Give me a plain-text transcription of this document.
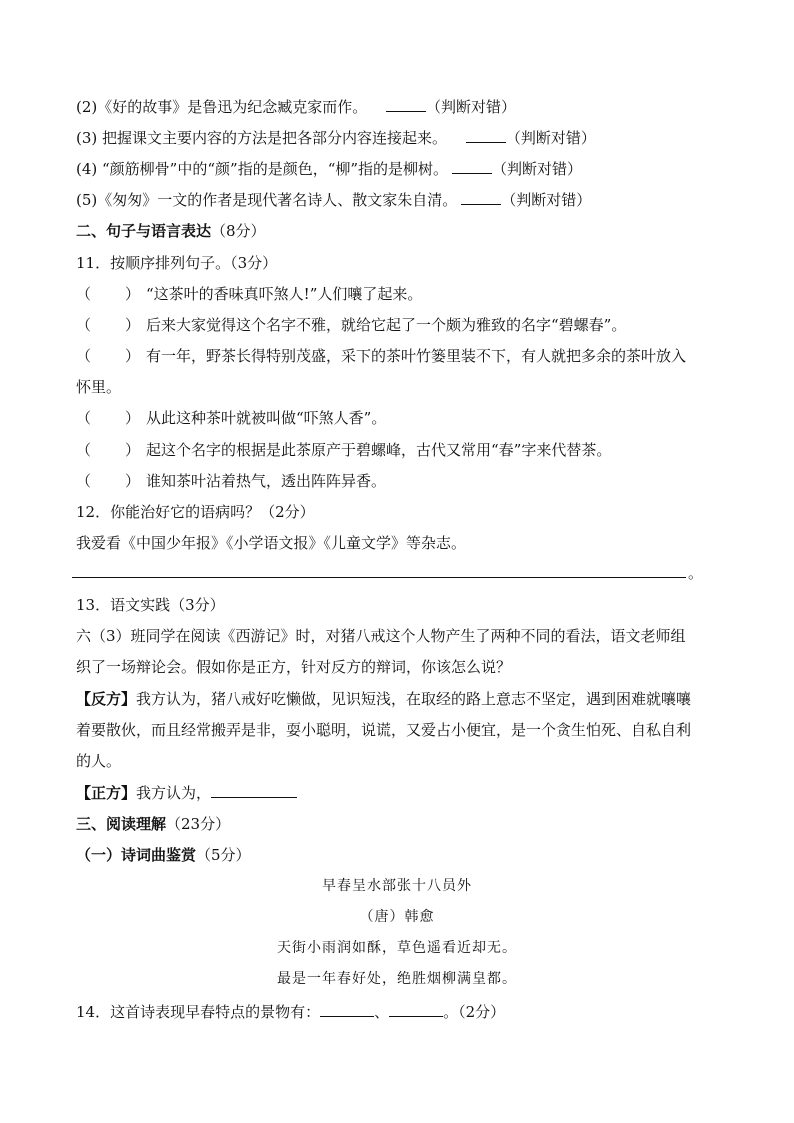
(2)《好的故事》是鲁迅为纪念臧克家而作。	（判断对错）
(3) 把握课文主要内容的方法是把各部分内容连接起来。	（判断对错）
(4) “颜筋柳骨”中的“颜”指的是颜色，“柳”指的是柳树。	（判断对错）
(5)《匆匆》一文的作者是现代著名诗人、散文家朱自清。	（判断对错）
二、句子与语言表达（8分）
11．按顺序排列句子。（3分）
（ ） “这茶叶的香味真吓煞人!”人们嚷了起来。
（ ） 后来大家觉得这个名字不雅，就给它起了一个颇为雅致的名字“碧螺春”。
（ ） 有一年，野茶长得特别茂盛，采下的茶叶竹篓里装不下，有人就把多余的茶叶放入
怀里。
（ ） 从此这种茶叶就被叫做“吓煞人香”。
（ ） 起这个名字的根据是此茶原产于碧螺峰，古代又常用“春”字来代替茶。
（ ） 谁知茶叶沾着热气，透出阵阵异香。
12．你能治好它的语病吗？（2分）
我爱看《中国少年报》《小学语文报》《儿童文学》等杂志。
。
13．语文实践（3分）
六（3）班同学在阅读《西游记》时，对猪八戒这个人物产生了两种不同的看法，语文老师组
织了一场辩论会。假如你是正方，针对反方的辩词，你该怎么说？
【反方】我方认为，猪八戒好吃懒做，见识短浅，在取经的路上意志不坚定，遇到困难就嚷嚷
着要散伙，而且经常搬弄是非，耍小聪明，说谎，又爱占小便宜，是一个贪生怕死、自私自利
的人。
【正方】我方认为，
三、阅读理解（23分）
（一）诗词曲鉴赏（5分）
早春呈水部张十八员外
（唐）韩愈
天街小雨润如酥，草色遥看近却无。
最是一年春好处，绝胜烟柳满皇都。
14．这首诗表现早春特点的景物有：	、	。（2分）
